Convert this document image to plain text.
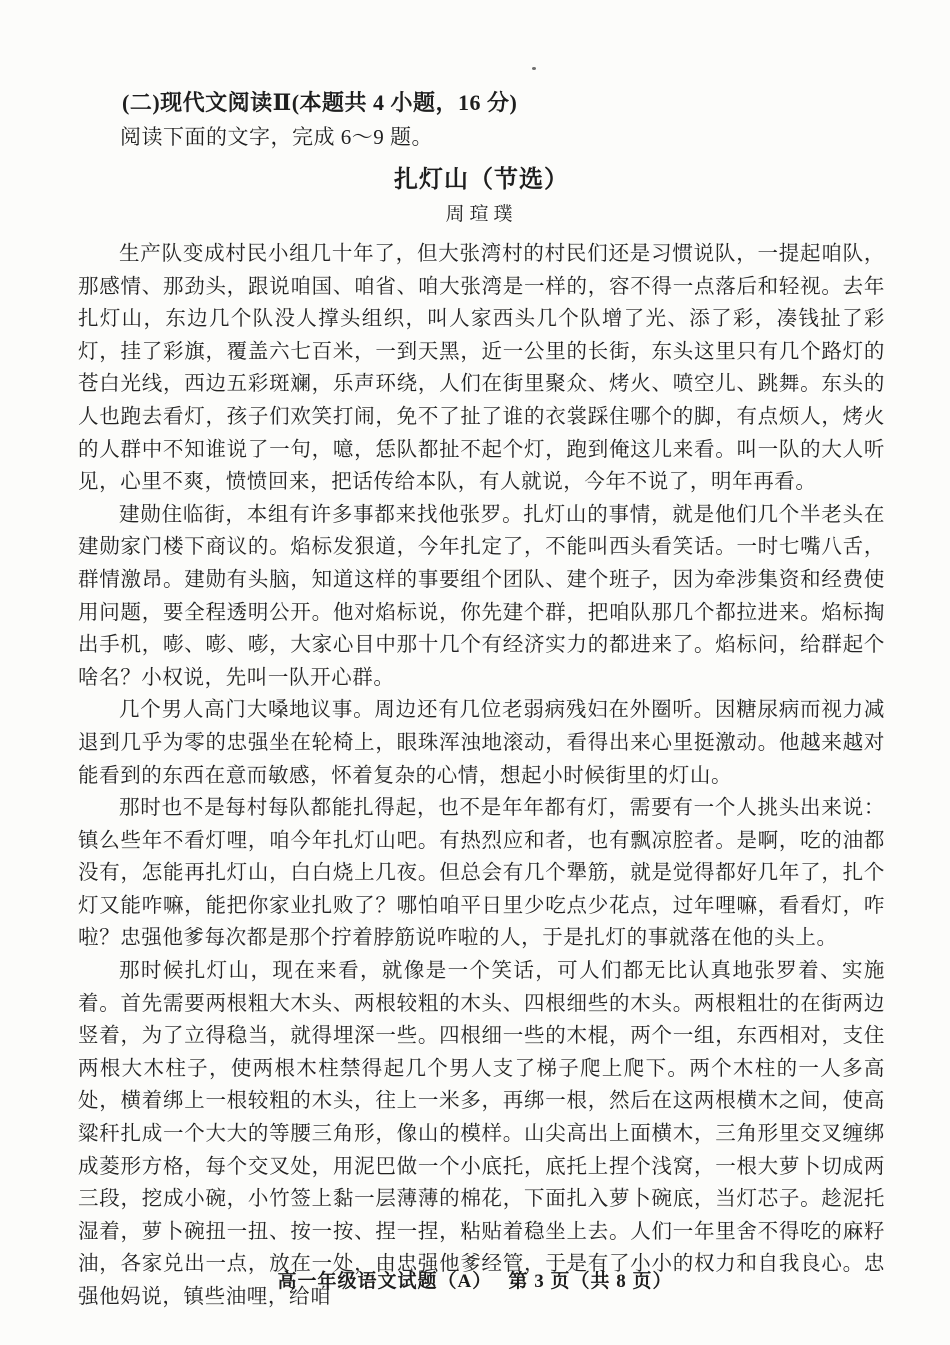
(二)现代文阅读Ⅱ(本题共 4 小题，16 分)
阅读下面的文字，完成 6～9 题。
扎灯山（节选）
周瑄璞
生产队变成村民小组几十年了，但大张湾村的村民们还是习惯说队，一提起咱队，那感情、那劲头，跟说咱国、咱省、咱大张湾是一样的，容不得一点落后和轻视。去年扎灯山，东边几个队没人撑头组织，叫人家西头几个队增了光、添了彩，凑钱扯了彩灯，挂了彩旗，覆盖六七百米，一到天黑，近一公里的长街，东头这里只有几个路灯的苍白光线，西边五彩斑斓，乐声环绕，人们在街里聚众、烤火、喷空儿、跳舞。东头的人也跑去看灯，孩子们欢笑打闹，免不了扯了谁的衣裳踩住哪个的脚，有点烦人，烤火的人群中不知谁说了一句，噫，恁队都扯不起个灯，跑到俺这儿来看。叫一队的大人听见，心里不爽，愤愤回来，把话传给本队，有人就说，今年不说了，明年再看。
建勋住临街，本组有许多事都来找他张罗。扎灯山的事情，就是他们几个半老头在建勋家门楼下商议的。焰标发狠道，今年扎定了，不能叫西头看笑话。一时七嘴八舌，群情激昂。建勋有头脑，知道这样的事要组个团队、建个班子，因为牵涉集资和经费使用问题，要全程透明公开。他对焰标说，你先建个群，把咱队那几个都拉进来。焰标掏出手机，嘭、嘭、嘭，大家心目中那十几个有经济实力的都进来了。焰标问，给群起个啥名？小权说，先叫一队开心群。
几个男人高门大嗓地议事。周边还有几位老弱病残妇在外圈听。因糖尿病而视力减退到几乎为零的忠强坐在轮椅上，眼珠浑浊地滚动，看得出来心里挺激动。他越来越对能看到的东西在意而敏感，怀着复杂的心情，想起小时候街里的灯山。
那时也不是每村每队都能扎得起，也不是年年都有灯，需要有一个人挑头出来说：镇么些年不看灯哩，咱今年扎灯山吧。有热烈应和者，也有飘凉腔者。是啊，吃的油都没有，怎能再扎灯山，白白烧上几夜。但总会有几个犟筋，就是觉得都好几年了，扎个灯又能咋嘛，能把你家业扎败了？哪怕咱平日里少吃点少花点，过年哩嘛，看看灯，咋啦？忠强他爹每次都是那个拧着脖筋说咋啦的人，于是扎灯的事就落在他的头上。
那时候扎灯山，现在来看，就像是一个笑话，可人们都无比认真地张罗着、实施着。首先需要两根粗大木头、两根较粗的木头、四根细些的木头。两根粗壮的在街两边竖着，为了立得稳当，就得埋深一些。四根细一些的木棍，两个一组，东西相对，支住两根大木柱子，使两根木柱禁得起几个男人支了梯子爬上爬下。两个木柱的一人多高处，横着绑上一根较粗的木头，往上一米多，再绑一根，然后在这两根横木之间，使高粱秆扎成一个大大的等腰三角形，像山的模样。山尖高出上面横木，三角形里交叉缠绑成菱形方格，每个交叉处，用泥巴做一个小底托，底托上捏个浅窝，一根大萝卜切成两三段，挖成小碗，小竹签上黏一层薄薄的棉花，下面扎入萝卜碗底，当灯芯子。趁泥托湿着，萝卜碗扭一扭、按一按、捏一捏，粘贴着稳坐上去。人们一年里舍不得吃的麻籽油，各家兑出一点，放在一处，由忠强他爹经管，于是有了小小的权力和自我良心。忠强他妈说，镇些油哩，给咱
高一年级语文试题（A）　 第 3 页（共 8 页）
